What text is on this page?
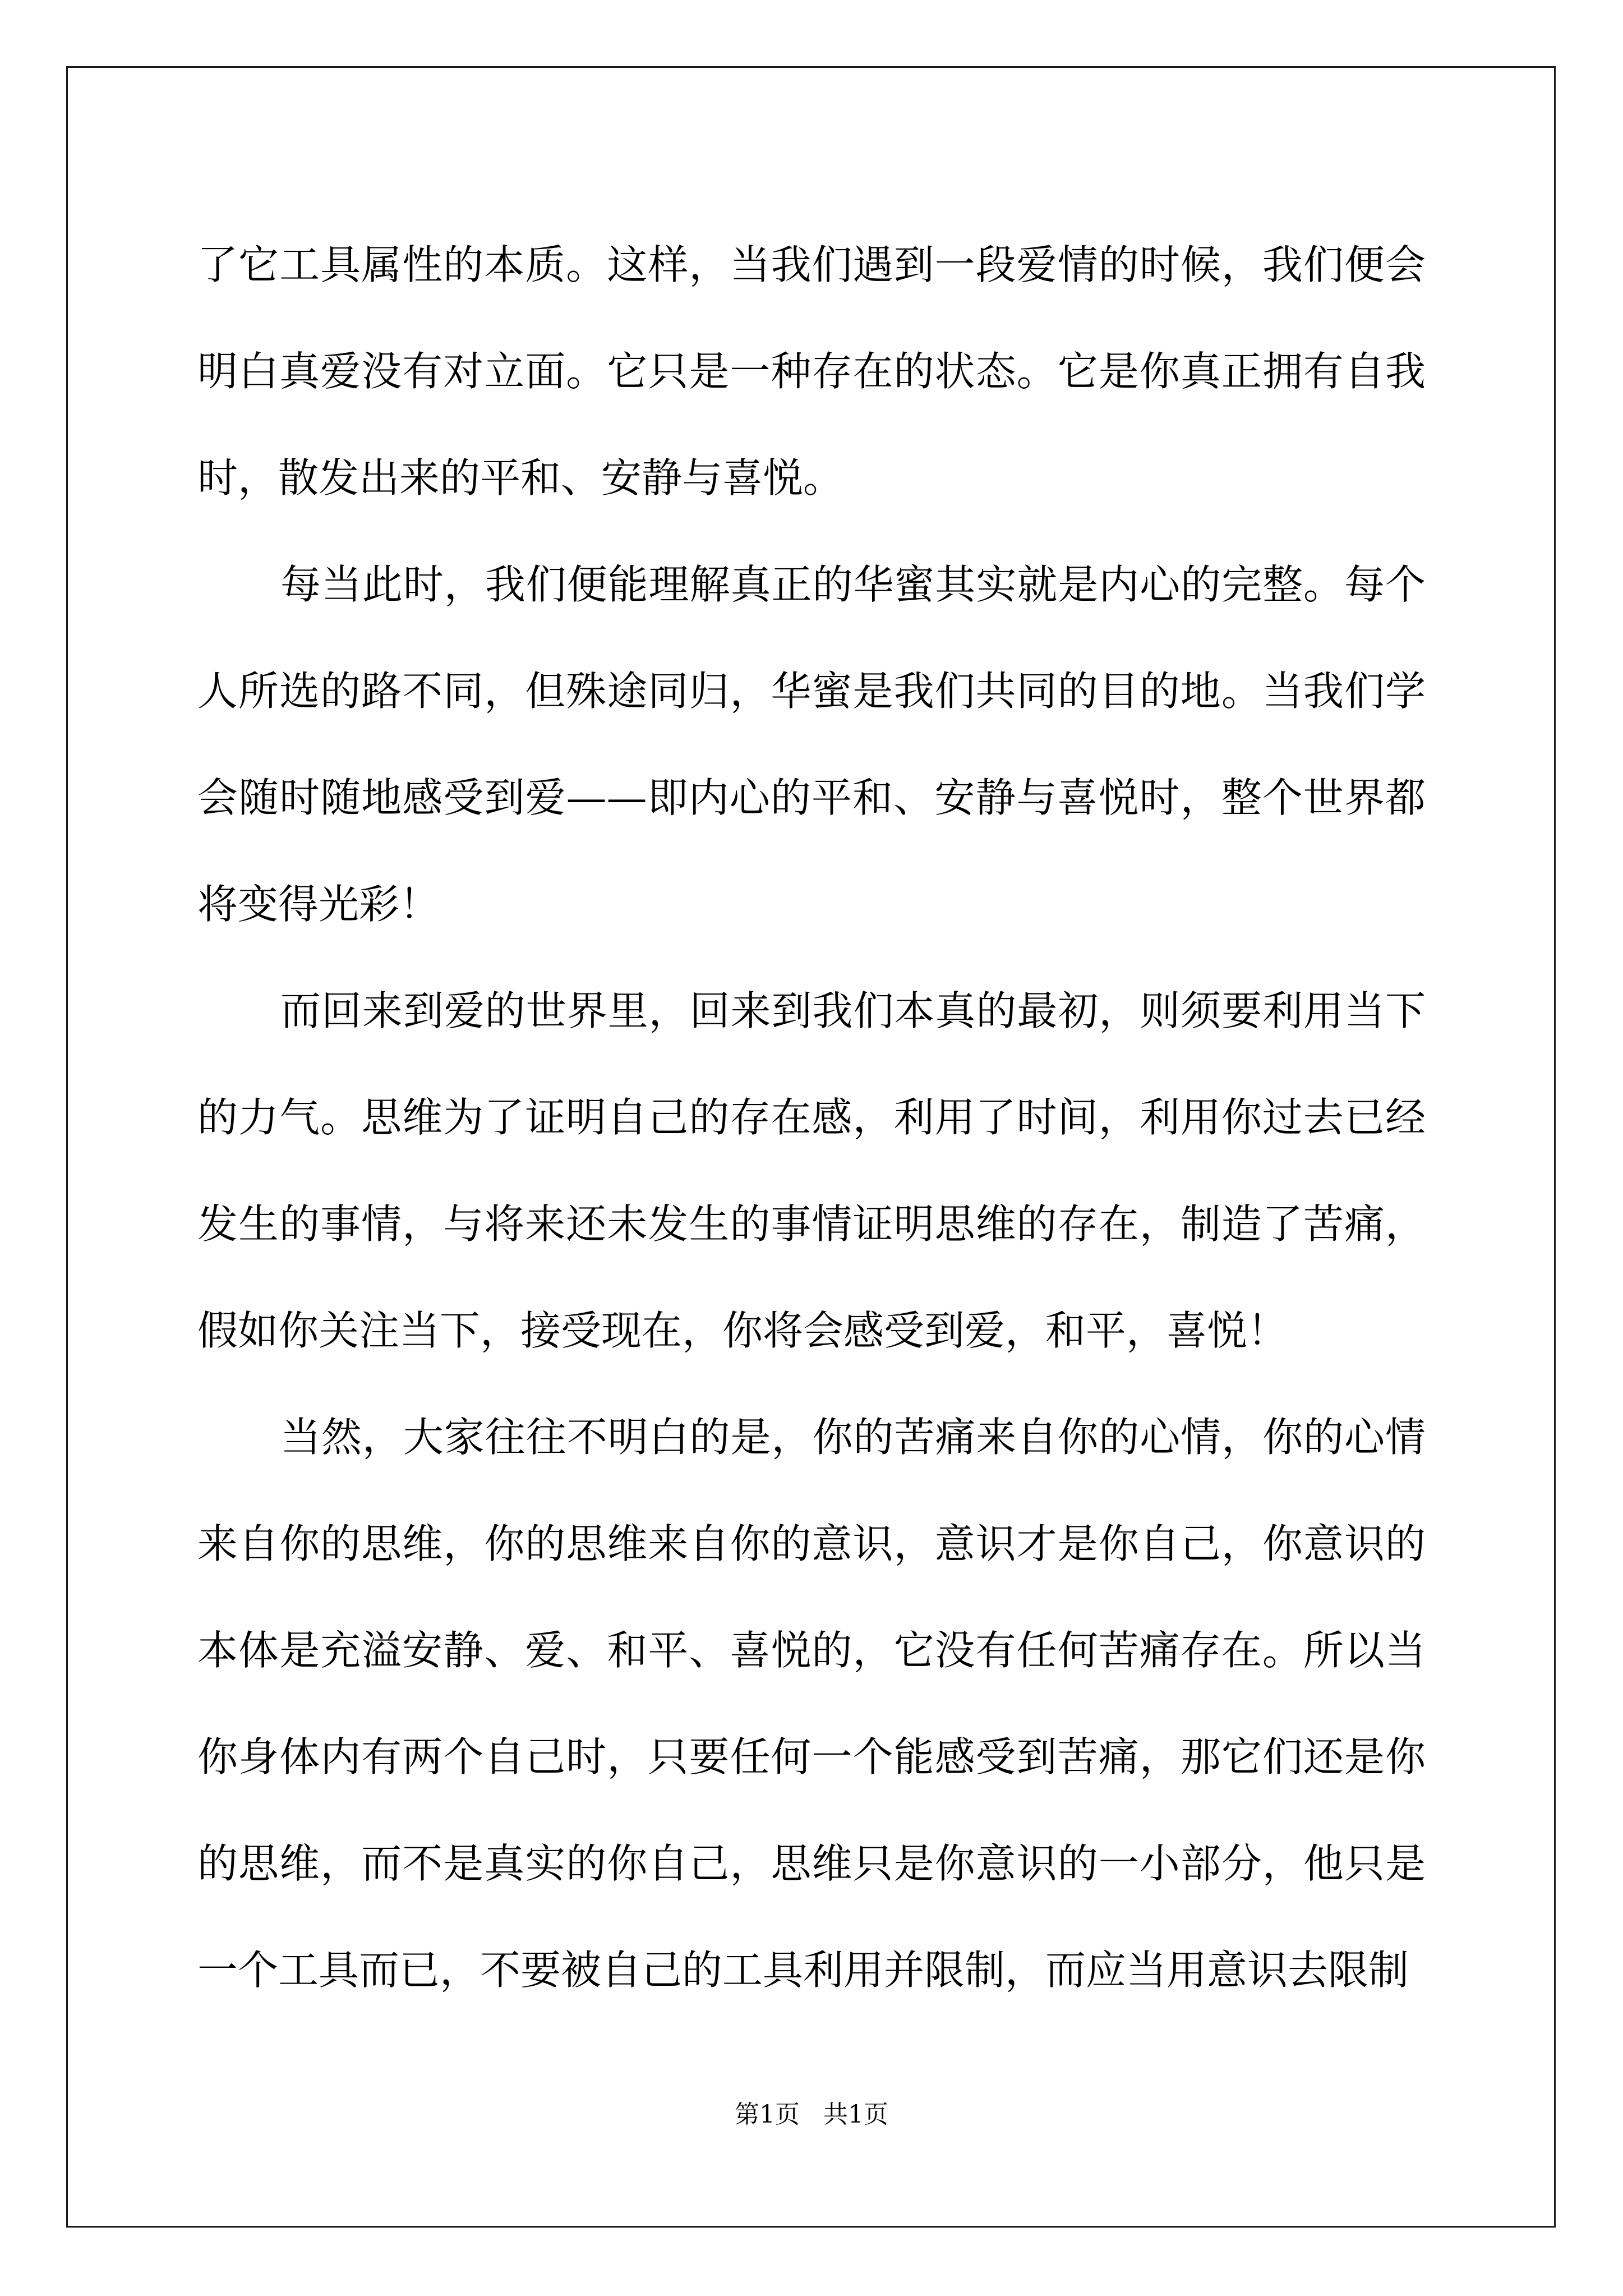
了它工具属性的本质。这样，当我们遇到一段爱情的时候，我们便会明白真爱没有对立面。它只是一种存在的状态。它是你真正拥有自我时，散发出来的平和、安静与喜悦。

每当此时，我们便能理解真正的华蜜其实就是内心的完整。每个人所选的路不同，但殊途同归，华蜜是我们共同的目的地。当我们学会随时随地感受到爱——即内心的平和、安静与喜悦时，整个世界都将变得光彩！

而回来到爱的世界里，回来到我们本真的最初，则须要利用当下的力气。思维为了证明自己的存在感，利用了时间，利用你过去已经发生的事情，与将来还未发生的事情证明思维的存在，制造了苦痛，假如你关注当下，接受现在，你将会感受到爱，和平，喜悦！

当然，大家往往不明白的是，你的苦痛来自你的心情，你的心情来自你的思维，你的思维来自你的意识，意识才是你自己，你意识的本体是充溢安静、爱、和平、喜悦的，它没有任何苦痛存在。所以当你身体内有两个自己时，只要任何一个能感受到苦痛，那它们还是你的思维，而不是真实的你自己，思维只是你意识的一小部分，他只是一个工具而已，不要被自己的工具利用并限制，而应当用意识去限制

第1页   共1页
